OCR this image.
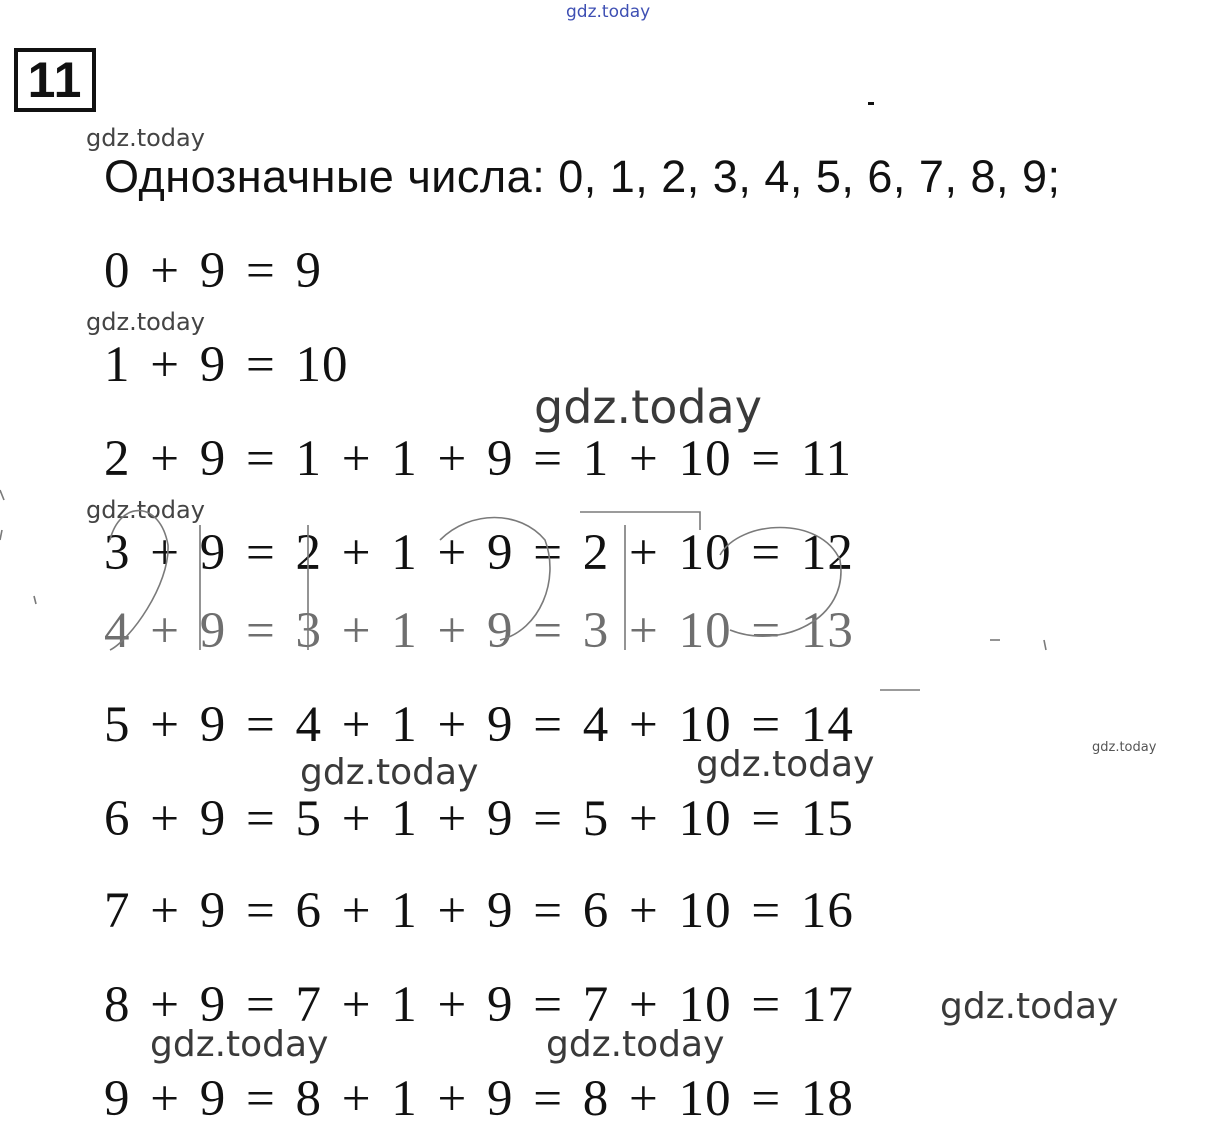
gdz.today
11
gdz.today
Однозначные числа: 0, 1, 2, 3, 4, 5, 6, 7, 8, 9;
0 + 9 = 9
gdz.today
1 + 9 = 10
gdz.today
2 + 9 = 1 + 1 + 9 = 1 + 10 = 11
gdz.today
3 + 9 = 2 + 1 + 9 = 2 + 10 = 12
4 + 9 = 3 + 1 + 9 = 3 + 10 = 13
5 + 9 = 4 + 1 + 9 = 4 + 10 = 14	gdz.today
gdz.today	gdz.today
6 + 9 = 5 + 1 + 9 = 5 + 10 = 15
7 + 9 = 6 + 1 + 9 = 6 + 10 = 16
8 + 9 = 7 + 1 + 9 = 7 + 10 = 17 gdz.today
gdz.today	gdz.today
9 + 9 = 8 + 1 + 9 = 8 + 10 = 18
